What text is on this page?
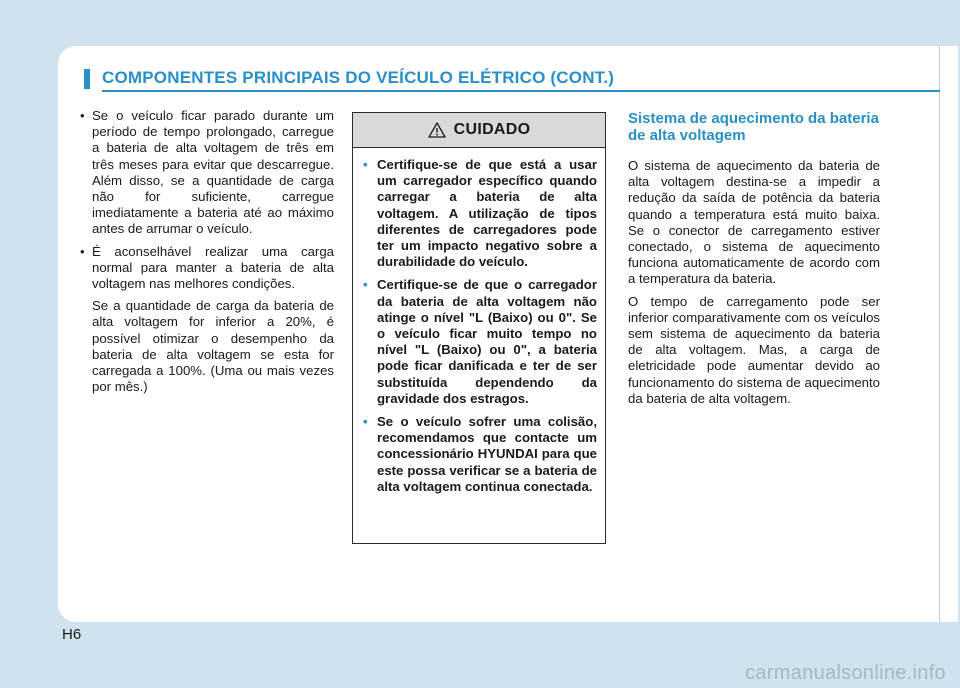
COMPONENTES PRINCIPAIS DO VEÍCULO ELÉTRICO (CONT.)
• Se o veículo ficar parado durante um período de tempo prolongado, carregue a bateria de alta voltagem de três em três meses para evitar que descarregue. Além disso, se a quantidade de carga não for suficiente, carregue imediatamente a bateria até ao máximo antes de arrumar o veículo.
• É aconselhável realizar uma carga normal para manter a bateria de alta voltagem nas melhores condições.
Se a quantidade de carga da bateria de alta voltagem for inferior a 20%, é possível otimizar o desempenho da bateria de alta voltagem se esta for carregada a 100%. (Uma ou mais vezes por mês.)
CUIDADO
• Certifique-se de que está a usar um carregador específico quando carregar a bateria de alta voltagem. A utilização de tipos diferentes de carregadores pode ter um impacto negativo sobre a durabilidade do veículo.
• Certifique-se de que o carregador da bateria de alta voltagem não atinge o nível "L (Baixo) ou 0". Se o veículo ficar muito tempo no nível "L (Baixo) ou 0", a bateria pode ficar danificada e ter de ser substituída dependendo da gravidade dos estragos.
• Se o veículo sofrer uma colisão, recomendamos que contacte um concessionário HYUNDAI para que este possa verificar se a bateria de alta voltagem continua conectada.
Sistema de aquecimento da bateria de alta voltagem
O sistema de aquecimento da bateria de alta voltagem destina-se a impedir a redução da saída de potência da bateria quando a temperatura está muito baixa. Se o conector de carregamento estiver conectado, o sistema de aquecimento funciona automaticamente de acordo com a temperatura da bateria.
O tempo de carregamento pode ser inferior comparativamente com os veículos sem sistema de aquecimento da bateria de alta voltagem. Mas, a carga de eletricidade pode aumentar devido ao funcionamento do sistema de aquecimento da bateria de alta voltagem.
H6
carmanualsonline.info
